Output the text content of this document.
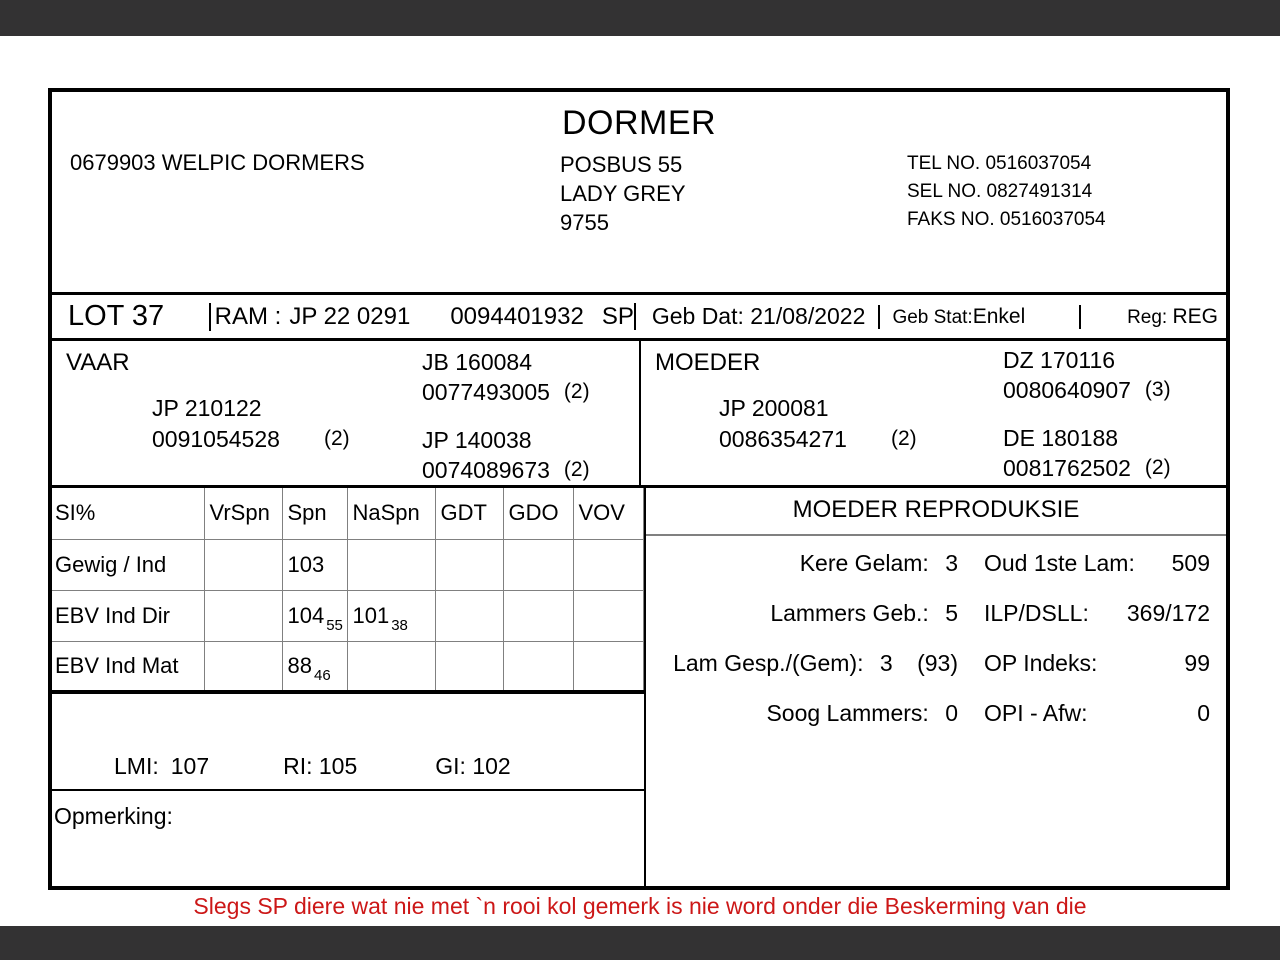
DORMER
0679903 WELPIC DORMERS	POSBUS 55
LADY GREY
9755
TEL NO. 0516037054
SEL NO. 0827491314
FAKS NO. 0516037054
LOT 37	RAM : JP 22 0291 0094401932 SP Geb Dat: 21/08/2022	Geb Stat: Enkel	Reg: REG
VAAR
JP 210122
0091054528 (2)
JB 160084
0077493005 (2)
JP 140038
0074089673 (2)
MOEDER
JP 200081
0086354271 (2)
DZ 170116
0080640907 (3)
DE 180188
0081762502 (2)
SI%	VrSpn	Spn	NaSpn	GDT	GDO	VOV
Gewig / Ind		103				
EBV Ind Dir		104 $_{55}$	101 $_{38}$			
EBV Ind Mat		88 $_{46}$				
LMI: 107	RI: 105	GI: 102
Opmerking:
MOEDER REPRODUKSIE
Kere Gelam: 3 Oud 1ste Lam: 509
Lammers Geb.: 5 ILP/DSLL: 369/172
Lam Gesp./(Gem): 3 (93) OP Indeks:	99
Soog Lammers: 0 OPI - Afw:	0
Slegs SP diere wat nie met `n rooi kol gemerk is nie word onder die Beskerming van die
